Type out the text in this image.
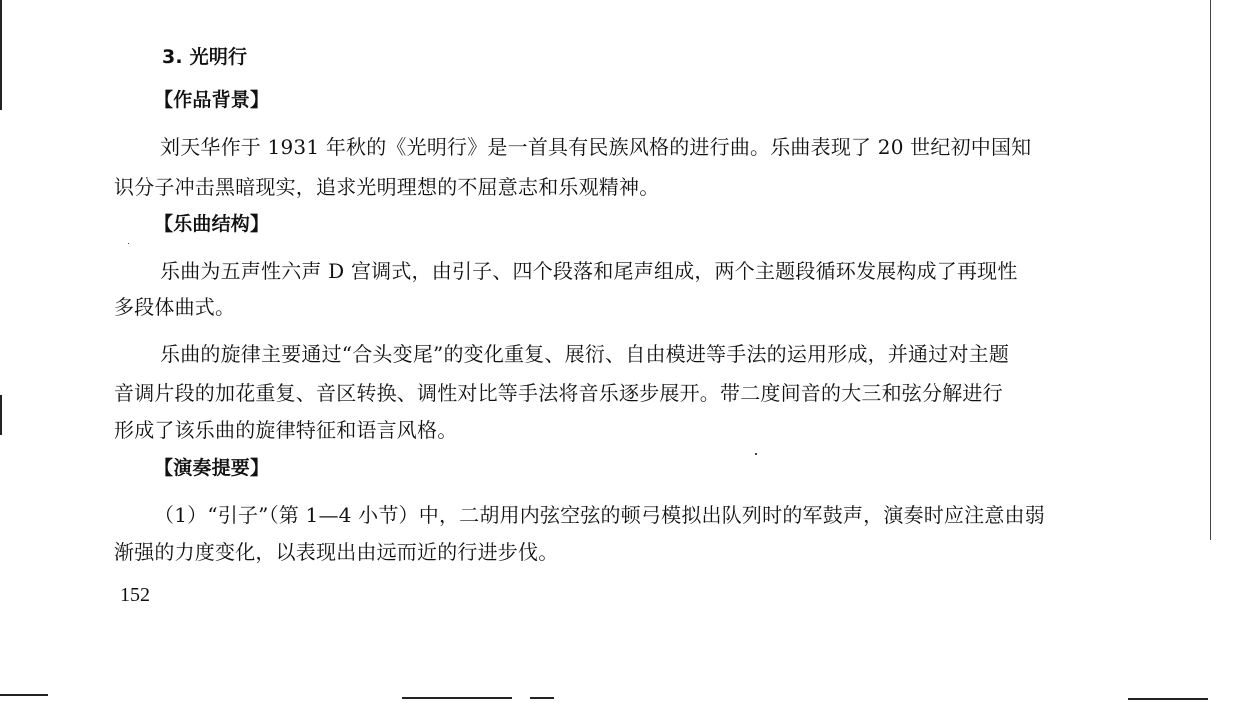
3. 光明行
【作品背景】
刘天华作于 1931 年秋的《光明行》是一首具有民族风格的进行曲。乐曲表现了 20 世纪初中国知
识分子冲击黑暗现实，追求光明理想的不屈意志和乐观精神。
【乐曲结构】
乐曲为五声性六声 D 宫调式，由引子、四个段落和尾声组成，两个主题段循环发展构成了再现性
多段体曲式。
乐曲的旋律主要通过“合头变尾”的变化重复、展衍、自由模进等手法的运用形成，并通过对主题
音调片段的加花重复、音区转换、调性对比等手法将音乐逐步展开。带二度间音的大三和弦分解进行
形成了该乐曲的旋律特征和语言风格。
【演奏提要】
（1）“引子”（第 1—4 小节）中，二胡用内弦空弦的顿弓模拟出队列时的军鼓声，演奏时应注意由弱
渐强的力度变化，以表现出由远而近的行进步伐。
152
